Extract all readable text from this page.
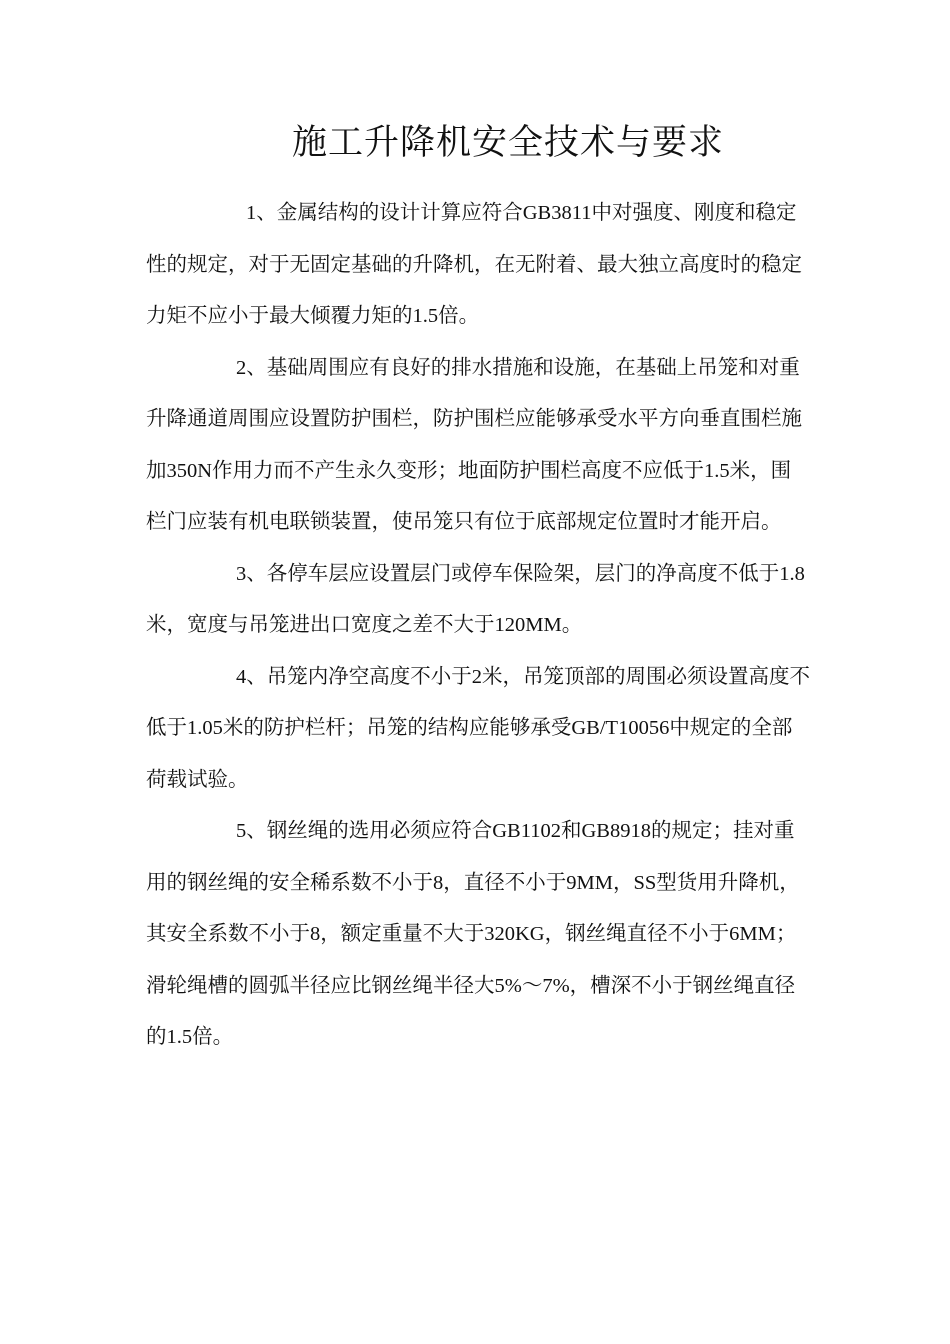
施工升降机安全技术与要求

1、金属结构的设计计算应符合GB3811中对强度、刚度和稳定性的规定，对于无固定基础的升降机，在无附着、最大独立高度时的稳定力矩不应小于最大倾覆力矩的1.5倍。

2、基础周围应有良好的排水措施和设施，在基础上吊笼和对重升降通道周围应设置防护围栏，防护围栏应能够承受水平方向垂直围栏施加350N作用力而不产生永久变形；地面防护围栏高度不应低于1.5米，围栏门应装有机电联锁装置，使吊笼只有位于底部规定位置时才能开启。

3、各停车层应设置层门或停车保险架，层门的净高度不低于1.8米，宽度与吊笼进出口宽度之差不大于120MM。

4、吊笼内净空高度不小于2米，吊笼顶部的周围必须设置高度不低于1.05米的防护栏杆；吊笼的结构应能够承受GB/T10056中规定的全部荷载试验。

5、钢丝绳的选用必须应符合GB1102和GB8918的规定；挂对重用的钢丝绳的安全稀系数不小于8，直径不小于9MM，SS型货用升降机，其安全系数不小于8，额定重量不大于320KG，钢丝绳直径不小于6MM；滑轮绳槽的圆弧半径应比钢丝绳半径大5%～7%，槽深不小于钢丝绳直径的1.5倍。
